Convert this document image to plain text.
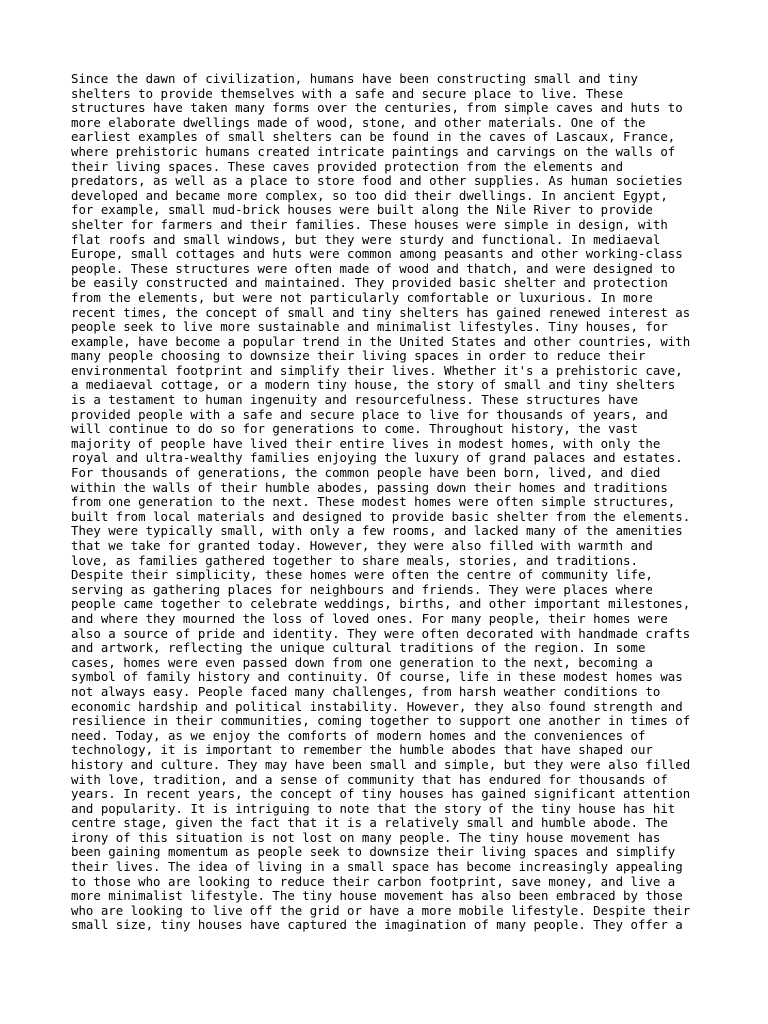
Since the dawn of civilization, humans have been constructing small and tiny
shelters to provide themselves with a safe and secure place to live. These
structures have taken many forms over the centuries, from simple caves and huts to
more elaborate dwellings made of wood, stone, and other materials. One of the
earliest examples of small shelters can be found in the caves of Lascaux, France,
where prehistoric humans created intricate paintings and carvings on the walls of
their living spaces. These caves provided protection from the elements and
predators, as well as a place to store food and other supplies. As human societies
developed and became more complex, so too did their dwellings. In ancient Egypt,
for example, small mud-brick houses were built along the Nile River to provide
shelter for farmers and their families. These houses were simple in design, with
flat roofs and small windows, but they were sturdy and functional. In mediaeval
Europe, small cottages and huts were common among peasants and other working-class
people. These structures were often made of wood and thatch, and were designed to
be easily constructed and maintained. They provided basic shelter and protection
from the elements, but were not particularly comfortable or luxurious. In more
recent times, the concept of small and tiny shelters has gained renewed interest as
people seek to live more sustainable and minimalist lifestyles. Tiny houses, for
example, have become a popular trend in the United States and other countries, with
many people choosing to downsize their living spaces in order to reduce their
environmental footprint and simplify their lives. Whether it's a prehistoric cave,
a mediaeval cottage, or a modern tiny house, the story of small and tiny shelters
is a testament to human ingenuity and resourcefulness. These structures have
provided people with a safe and secure place to live for thousands of years, and
will continue to do so for generations to come. Throughout history, the vast
majority of people have lived their entire lives in modest homes, with only the
royal and ultra-wealthy families enjoying the luxury of grand palaces and estates.
For thousands of generations, the common people have been born, lived, and died
within the walls of their humble abodes, passing down their homes and traditions
from one generation to the next. These modest homes were often simple structures,
built from local materials and designed to provide basic shelter from the elements.
They were typically small, with only a few rooms, and lacked many of the amenities
that we take for granted today. However, they were also filled with warmth and
love, as families gathered together to share meals, stories, and traditions.
Despite their simplicity, these homes were often the centre of community life,
serving as gathering places for neighbours and friends. They were places where
people came together to celebrate weddings, births, and other important milestones,
and where they mourned the loss of loved ones. For many people, their homes were
also a source of pride and identity. They were often decorated with handmade crafts
and artwork, reflecting the unique cultural traditions of the region. In some
cases, homes were even passed down from one generation to the next, becoming a
symbol of family history and continuity. Of course, life in these modest homes was
not always easy. People faced many challenges, from harsh weather conditions to
economic hardship and political instability. However, they also found strength and
resilience in their communities, coming together to support one another in times of
need. Today, as we enjoy the comforts of modern homes and the conveniences of
technology, it is important to remember the humble abodes that have shaped our
history and culture. They may have been small and simple, but they were also filled
with love, tradition, and a sense of community that has endured for thousands of
years. In recent years, the concept of tiny houses has gained significant attention
and popularity. It is intriguing to note that the story of the tiny house has hit
centre stage, given the fact that it is a relatively small and humble abode. The
irony of this situation is not lost on many people. The tiny house movement has
been gaining momentum as people seek to downsize their living spaces and simplify
their lives. The idea of living in a small space has become increasingly appealing
to those who are looking to reduce their carbon footprint, save money, and live a
more minimalist lifestyle. The tiny house movement has also been embraced by those
who are looking to live off the grid or have a more mobile lifestyle. Despite their
small size, tiny houses have captured the imagination of many people. They offer a
